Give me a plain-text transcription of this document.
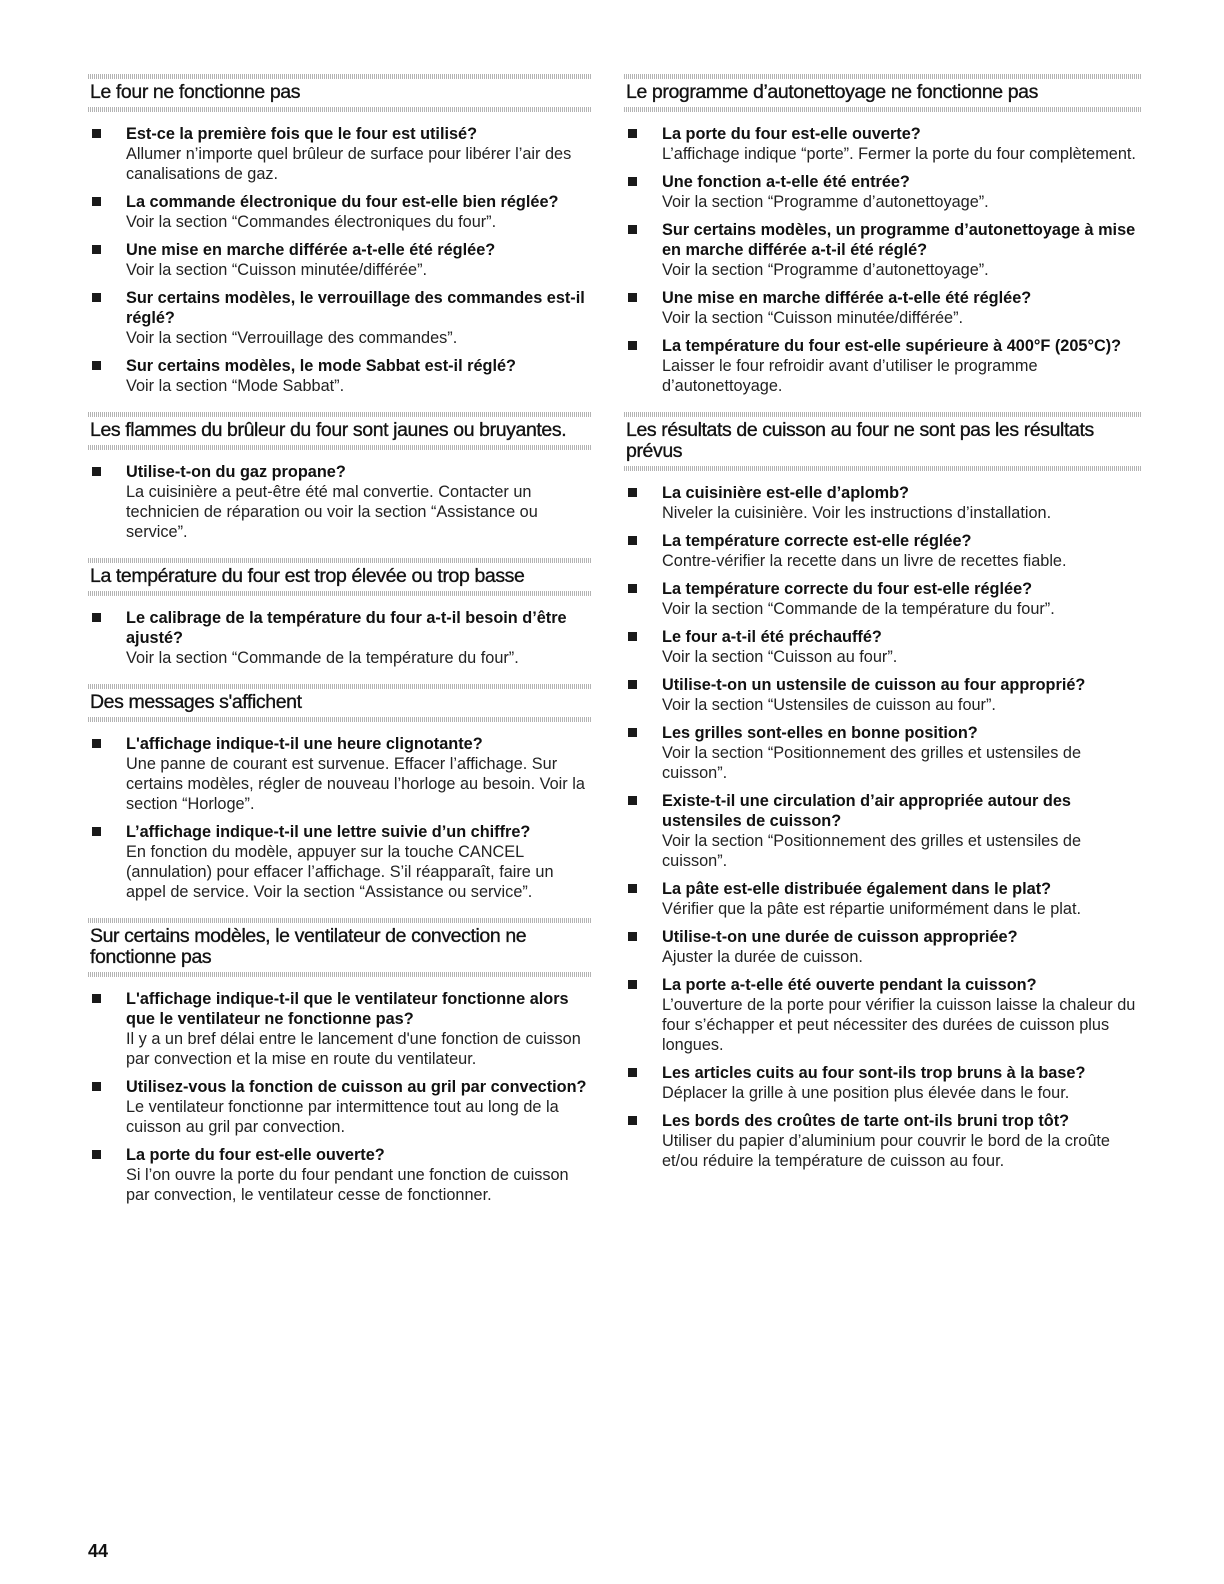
Le four ne fonctionne pas
Est-ce la première fois que le four est utilisé?
Allumer n’importe quel brûleur de surface pour libérer l’air des canalisations de gaz.
La commande électronique du four est-elle bien réglée?
Voir la section “Commandes électroniques du four”.
Une mise en marche différée a-t-elle été réglée?
Voir la section “Cuisson minutée/différée”.
Sur certains modèles, le verrouillage des commandes est-il réglé?
Voir la section “Verrouillage des commandes”.
Sur certains modèles, le mode Sabbat est-il réglé?
Voir la section “Mode Sabbat”.
Les flammes du brûleur du four sont jaunes ou bruyantes.
Utilise-t-on du gaz propane?
La cuisinière a peut-être été mal convertie. Contacter un technicien de réparation ou voir la section “Assistance ou service”.
La température du four est trop élevée ou trop basse
Le calibrage de la température du four a-t-il besoin d’être ajusté?
Voir la section “Commande de la température du four”.
Des messages s'affichent
L'affichage indique-t-il une heure clignotante?
Une panne de courant est survenue. Effacer l’affichage. Sur certains modèles, régler de nouveau l’horloge au besoin. Voir la section “Horloge”.
L’affichage indique-t-il une lettre suivie d’un chiffre?
En fonction du modèle, appuyer sur la touche CANCEL (annulation) pour effacer l’affichage. S’il réapparaît, faire un appel de service. Voir la section “Assistance ou service”.
Sur certains modèles, le ventilateur de convection ne fonctionne pas
L'affichage indique-t-il que le ventilateur fonctionne alors que le ventilateur ne fonctionne pas?
Il y a un bref délai entre le lancement d'une fonction de cuisson par convection et la mise en route du ventilateur.
Utilisez-vous la fonction de cuisson au gril par convection?
Le ventilateur fonctionne par intermittence tout au long de la cuisson au gril par convection.
La porte du four est-elle ouverte?
Si l’on ouvre la porte du four pendant une fonction de cuisson par convection, le ventilateur cesse de fonctionner.
Le programme d’autonettoyage ne fonctionne pas
La porte du four est-elle ouverte?
L’affichage indique “porte”. Fermer la porte du four complètement.
Une fonction a-t-elle été entrée?
Voir la section “Programme d’autonettoyage”.
Sur certains modèles, un programme d’autonettoyage à mise en marche différée a-t-il été réglé?
Voir la section “Programme d’autonettoyage”.
Une mise en marche différée a-t-elle été réglée?
Voir la section “Cuisson minutée/différée”.
La température du four est-elle supérieure à 400°F (205°C)?
Laisser le four refroidir avant d’utiliser le programme d’autonettoyage.
Les résultats de cuisson au four ne sont pas les résultats prévus
La cuisinière est-elle d’aplomb?
Niveler la cuisinière. Voir les instructions d’installation.
La température correcte est-elle réglée?
Contre-vérifier la recette dans un livre de recettes fiable.
La température correcte du four est-elle réglée?
Voir la section “Commande de la température du four”.
Le four a-t-il été préchauffé?
Voir la section “Cuisson au four”.
Utilise-t-on un ustensile de cuisson au four approprié?
Voir la section “Ustensiles de cuisson au four”.
Les grilles sont-elles en bonne position?
Voir la section “Positionnement des grilles et ustensiles de cuisson”.
Existe-t-il une circulation d’air appropriée autour des ustensiles de cuisson?
Voir la section “Positionnement des grilles et ustensiles de cuisson”.
La pâte est-elle distribuée également dans le plat?
Vérifier que la pâte est répartie uniformément dans le plat.
Utilise-t-on une durée de cuisson appropriée?
Ajuster la durée de cuisson.
La porte a-t-elle été ouverte pendant la cuisson?
L’ouverture de la porte pour vérifier la cuisson laisse la chaleur du four s’échapper et peut nécessiter des durées de cuisson plus longues.
Les articles cuits au four sont-ils trop bruns à la base?
Déplacer la grille à une position plus élevée dans le four.
Les bords des croûtes de tarte ont-ils bruni trop tôt?
Utiliser du papier d’aluminium pour couvrir le bord de la croûte et/ou réduire la température de cuisson au four.
44
